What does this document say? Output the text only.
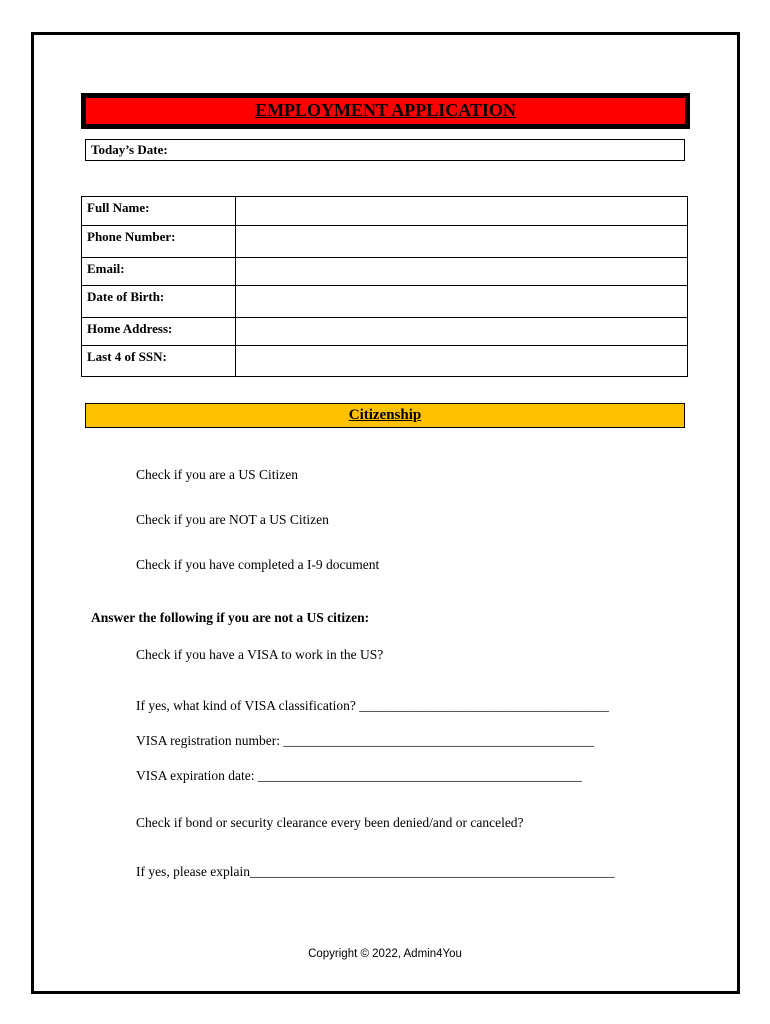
EMPLOYMENT APPLICATION
Today’s Date:
Full Name:	
Phone Number:	
Email:	
Date of Birth:	
Home Address:	
Last 4 of SSN:	
Citizenship
Check if you are a US Citizen
Check if you are NOT a US Citizen
Check if you have completed a I-9 document
Answer the following if you are not a US citizen:
Check if you have a VISA to work in the US?
If yes, what kind of VISA classification? _____________________________________
VISA registration number: ______________________________________________
VISA expiration date: ________________________________________________
Check if bond or security clearance every been denied/and or canceled?
If yes, please explain______________________________________________________
Copyright © 2022, Admin4You
